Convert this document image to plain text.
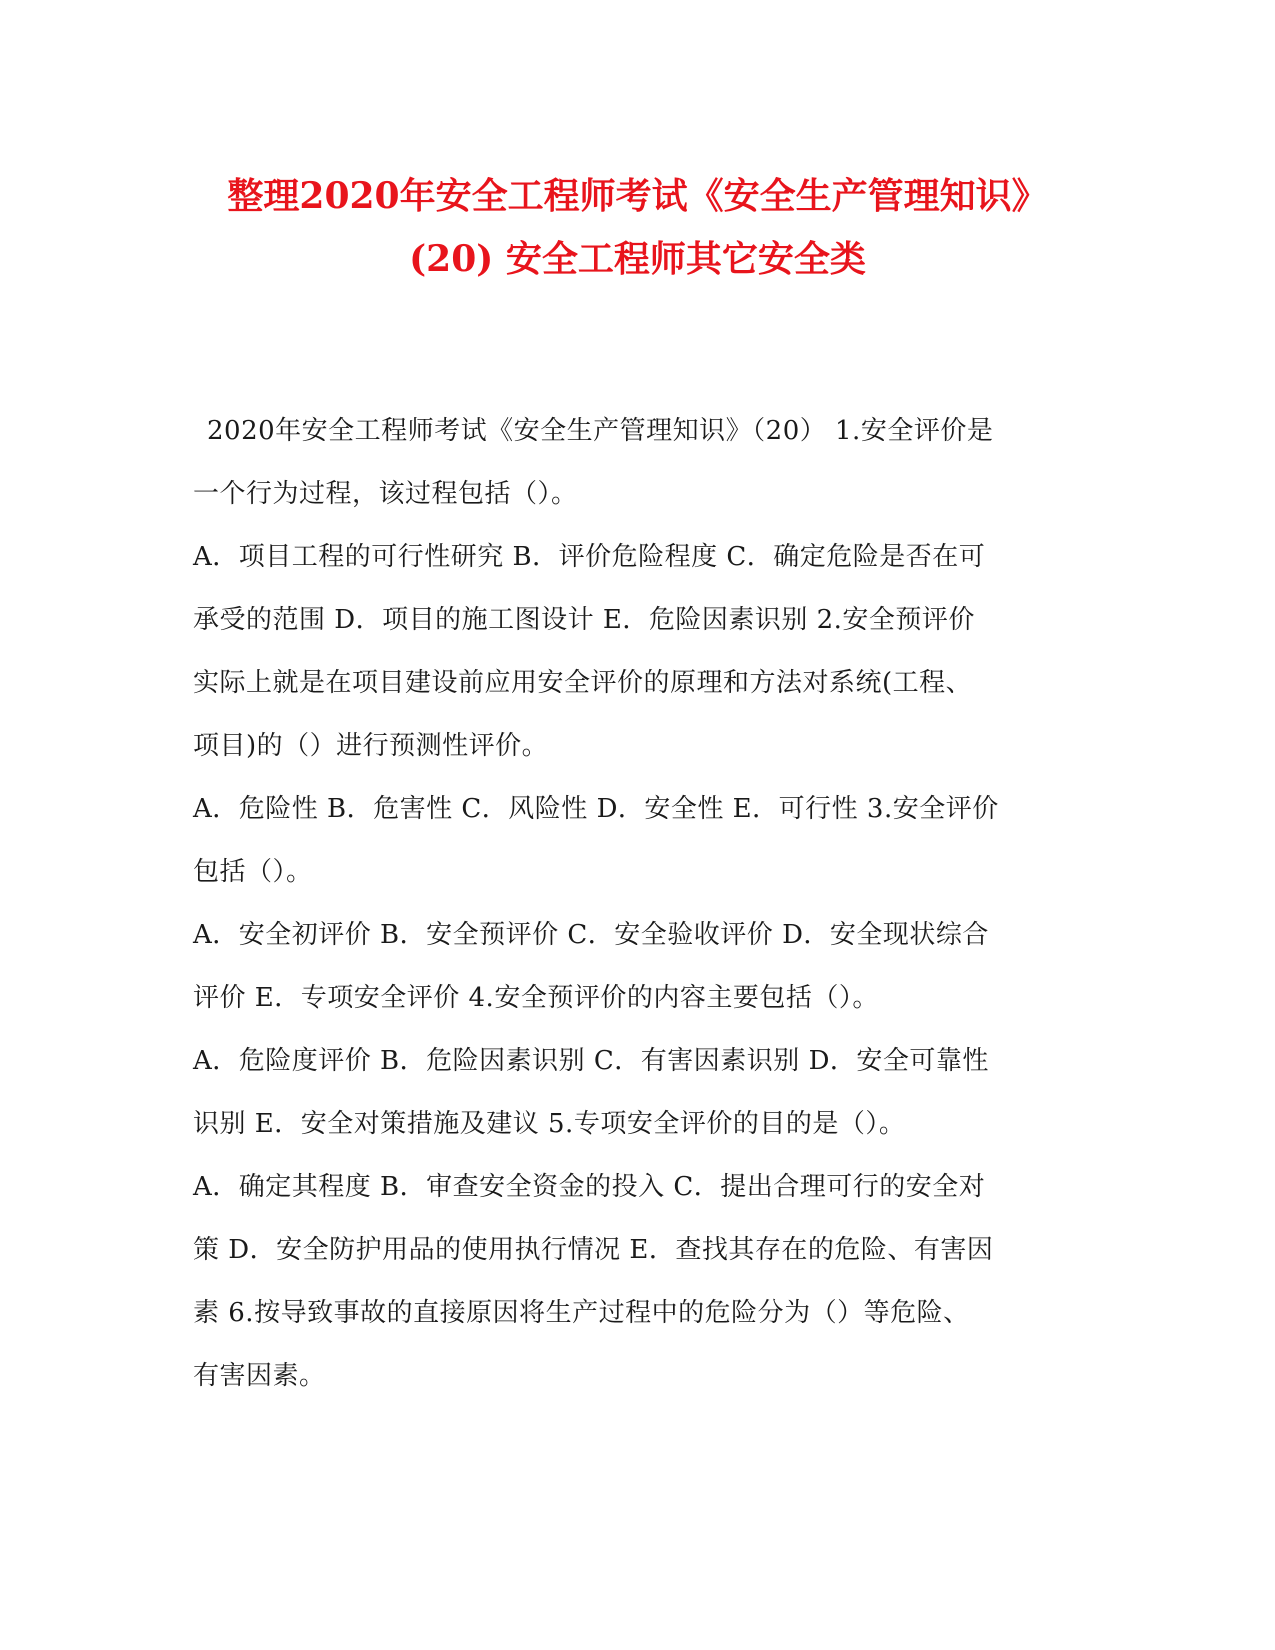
整理2020年安全工程师考试《安全生产管理知识》
(20) 安全工程师其它安全类
2020年安全工程师考试《安全生产管理知识》（20） 1.安全评价是
一个行为过程，该过程包括（）。
A．项目工程的可行性研究 B．评价危险程度 C．确定危险是否在可
承受的范围 D．项目的施工图设计 E．危险因素识别 2.安全预评价
实际上就是在项目建设前应用安全评价的原理和方法对系统(工程、
项目)的（）进行预测性评价。
A．危险性 B．危害性 C．风险性 D．安全性 E．可行性 3.安全评价
包括（）。
A．安全初评价 B．安全预评价 C．安全验收评价 D．安全现状综合
评价 E．专项安全评价 4.安全预评价的内容主要包括（）。
A．危险度评价 B．危险因素识别 C．有害因素识别 D．安全可靠性
识别 E．安全对策措施及建议 5.专项安全评价的目的是（）。
A．确定其程度 B．审查安全资金的投入 C．提出合理可行的安全对
策 D．安全防护用品的使用执行情况 E．查找其存在的危险、有害因
素 6.按导致事故的直接原因将生产过程中的危险分为（）等危险、
有害因素。
